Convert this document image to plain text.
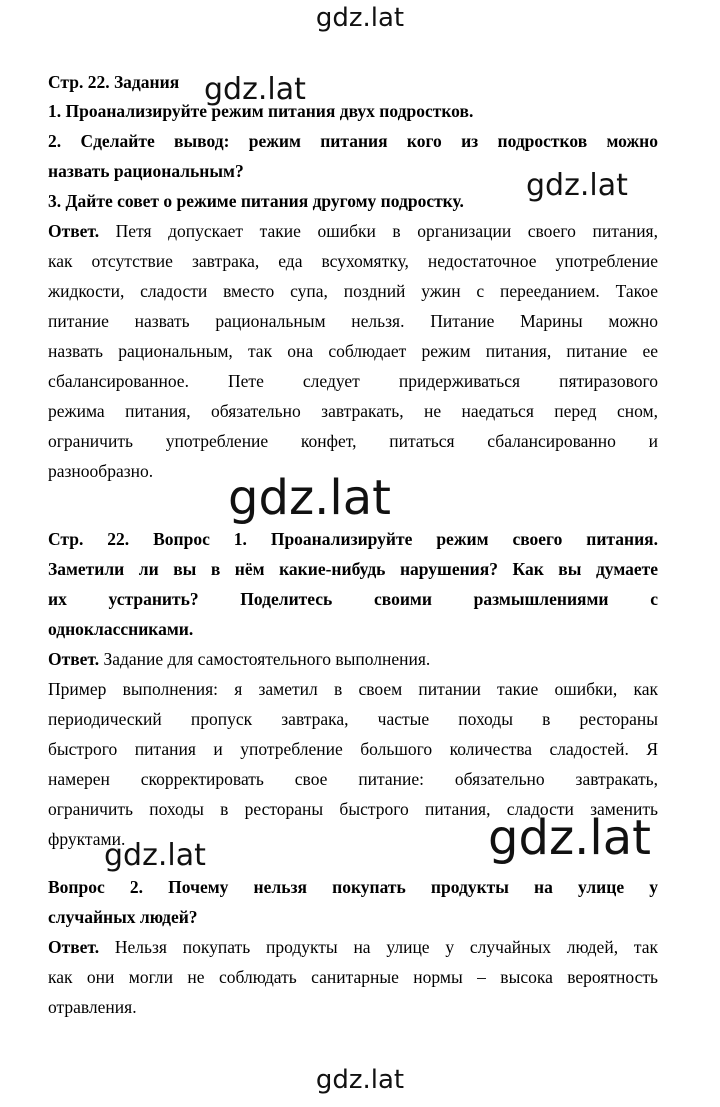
Стр. 22. Задания
1. Проанализируйте режим питания двух подростков.
2. Сделайте вывод: режим питания кого из подростков можно
назвать рациональным?
3. Дайте совет о режиме питания другому подростку.
Ответ. Петя допускает такие ошибки в организации своего питания,
как отсутствие завтрака, еда всухомятку, недостаточное употребление
жидкости, сладости вместо супа, поздний ужин с перееданием. Такое
питание назвать рациональным нельзя. Питание Марины можно
назвать рациональным, так она соблюдает режим питания, питание ее
сбалансированное. Пете следует придерживаться пятиразового
режима питания, обязательно завтракать, не наедаться перед сном,
ограничить употребление конфет, питаться сбалансированно и
разнообразно.
Стр. 22. Вопрос 1. Проанализируйте режим своего питания.
Заметили ли вы в нём какие-нибудь нарушения? Как вы думаете
их устранить? Поделитесь своими размышлениями с
одноклассниками.
Ответ. Задание для самостоятельного выполнения.
Пример выполнения: я заметил в своем питании такие ошибки, как
периодический пропуск завтрака, частые походы в рестораны
быстрого питания и употребление большого количества сладостей. Я
намерен скорректировать свое питание: обязательно завтракать,
ограничить походы в рестораны быстрого питания, сладости заменить
фруктами.
Вопрос 2. Почему нельзя покупать продукты на улице у
случайных людей?
Ответ. Нельзя покупать продукты на улице у случайных людей, так
как они могли не соблюдать санитарные нормы – высока вероятность
отравления.
gdz.lat
gdz.lat
gdz.lat
gdz.lat
gdz.lat
gdz.lat
gdz.lat
